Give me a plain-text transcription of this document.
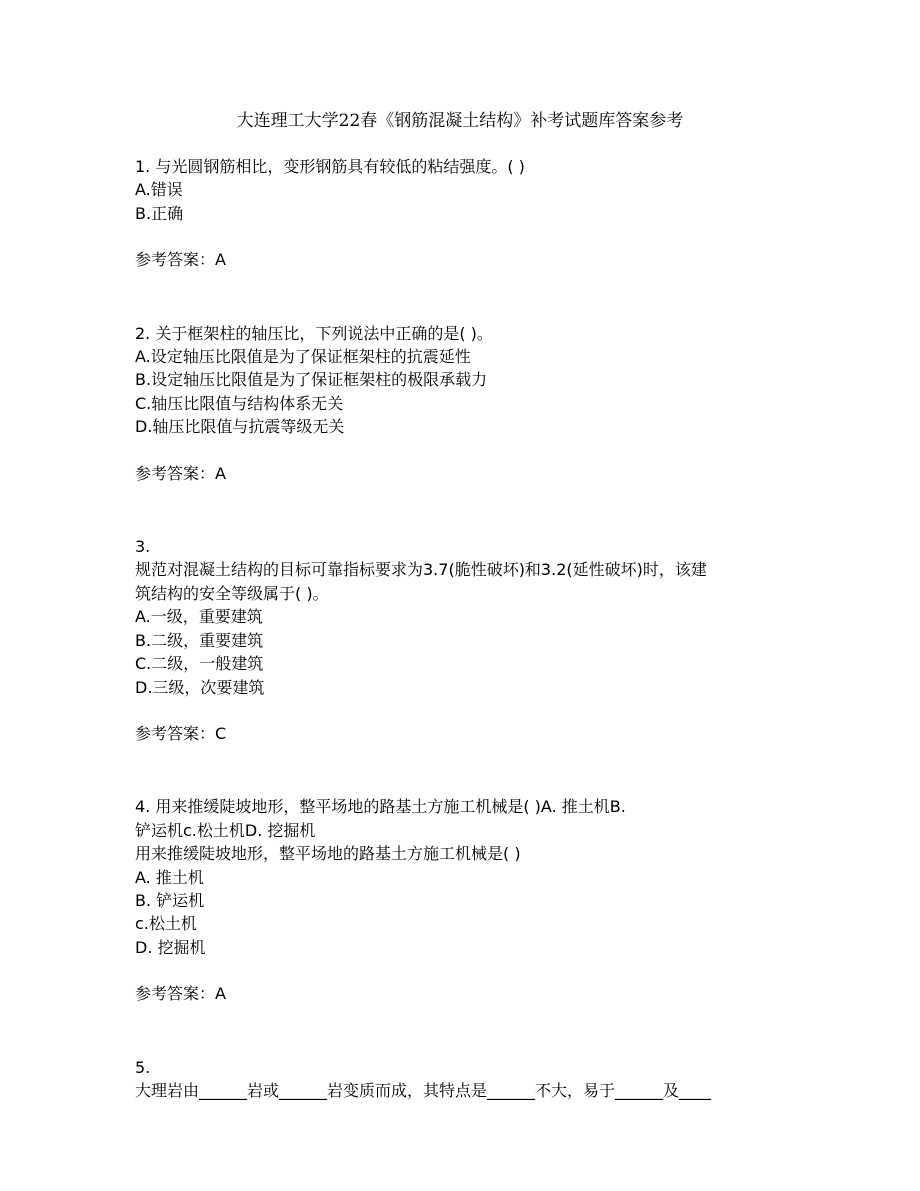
大连理工大学22春《钢筋混凝土结构》补考试题库答案参考
1. 与光圆钢筋相比，变形钢筋具有较低的粘结强度。( )
A.错误
B.正确
参考答案：A
2. 关于框架柱的轴压比，下列说法中正确的是( )。
A.设定轴压比限值是为了保证框架柱的抗震延性
B.设定轴压比限值是为了保证框架柱的极限承载力
C.轴压比限值与结构体系无关
D.轴压比限值与抗震等级无关
参考答案：A
3.
规范对混凝土结构的目标可靠指标要求为3.7(脆性破坏)和3.2(延性破坏)时，该建
筑结构的安全等级属于( )。
A.一级，重要建筑
B.二级，重要建筑
C.二级，一般建筑
D.三级，次要建筑
参考答案：C
4. 用来推缓陡坡地形，整平场地的路基土方施工机械是( )A. 推土机B.
铲运机c.松土机D. 挖掘机
用来推缓陡坡地形，整平场地的路基土方施工机械是( )
A. 推土机
B. 铲运机
c.松土机
D. 挖掘机
参考答案：A
5.
大理岩由______岩或______岩变质而成，其特点是______不大，易于______及____
